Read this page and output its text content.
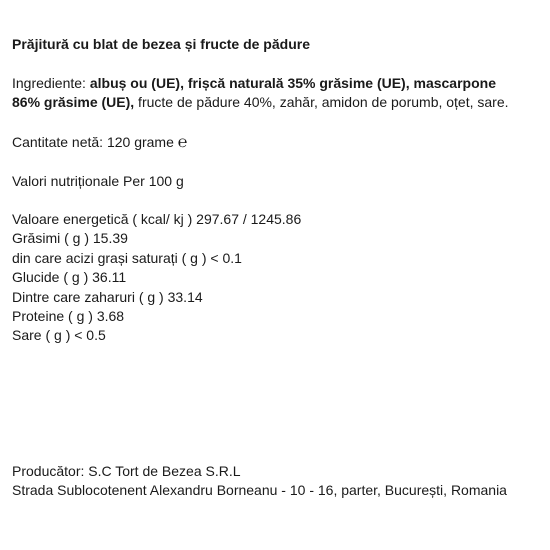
Prăjitură cu blat de bezea și fructe de pădure
Ingrediente: albuș ou (UE), frișcă naturală 35% grăsime (UE), mascarpone
86% grăsime (UE), fructe de pădure 40%, zahăr, amidon de porumb, oțet, sare.
Cantitate netă: 120 grame ℮
Valori nutriționale Per 100 g
Valoare energetică ( kcal/ kj ) 297.67 / 1245.86
Grăsimi ( g ) 15.39
din care acizi grași saturați ( g ) < 0.1
Glucide ( g ) 36.11
Dintre care zaharuri ( g ) 33.14
Proteine ( g ) 3.68
Sare ( g ) < 0.5
Producător: S.C Tort de Bezea S.R.L
Strada Sublocotenent Alexandru Borneanu - 10 - 16, parter, București, Romania
